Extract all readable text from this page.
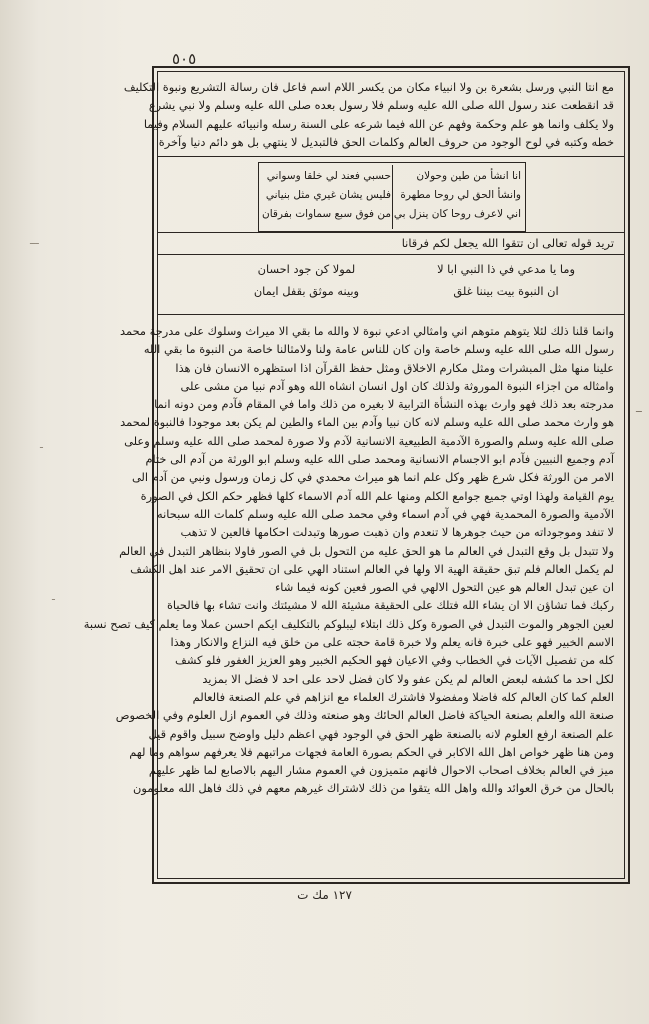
٥٠٥
ـــ
ـ
ـ
ــ
مع انتا النبي ورسل بشعرة بن ولا انبياء مكان من يكسر اللام اسم فاعل فان رسالة التشريع ونبوة التكليف
قد انقطعت عند رسول الله صلى الله عليه وسلم فلا رسول بعده صلى الله عليه وسلم ولا نبي يشرع
ولا يكلف وانما هو علم وحكمة وفهم عن الله فيما شرعه على السنة رسله وانبيائه عليهم السلام وفيما
خطه وكتبه في لوح الوجود من حروف العالم وكلمات الحق فالتبديل لا ينتهي بل هو دائم دنيا وآخرة
انا انشأ من طين وحولان
وانشأ الحق لي روحا مطهرة
اني لاعرف روحا كان ينزل بي
حسبي فعند لي خلقا وسواني
فليس يشان غيري مثل بنياني
من فوق سبع سماوات بفرقان
تريد قوله تعالى ان تتقوا الله يجعل لكم فرقانا
وما يا مدعي في ذا النبي ابا لا لمولا كن جود احسان
ان النبوة بيت بيننا غلق وبينه موثق بقفل ايمان
وانما قلنا ذلك لئلا يتوهم متوهم اني وامثالي ادعي نبوة لا والله ما بقي الا ميراث وسلوك على مدرجة محمد
رسول الله صلى الله عليه وسلم خاصة وان كان للناس عامة ولنا ولامثالنا خاصة من النبوة ما بقي الله
علينا منها مثل المبشرات ومثل مكارم الاخلاق ومثل حفظ القرآن اذا استظهره الانسان فان هذا
وامثاله من اجزاء النبوة الموروثة ولذلك كان اول انسان انشاه الله وهو آدم نبيا من مشى على
مدرجته بعد ذلك فهو وارث بهذه النشأة الترابية لا بغيره من ذلك واما في المقام فآدم ومن دونه انما
هو وارث محمد صلى الله عليه وسلم لانه كان نبيا وآدم بين الماء والطين لم يكن بعد موجودا فالنبوة لمحمد
صلى الله عليه وسلم والصورة الآدمية الطبيعية الانسانية لآدم ولا صورة لمحمد صلى الله عليه وسلم وعلى
آدم وجميع النبيين فآدم ابو الاجسام الانسانية ومحمد صلى الله عليه وسلم ابو الورثة من آدم الى ختام
الامر من الورثة فكل شرع ظهر وكل علم انما هو ميراث محمدي في كل زمان ورسول ونبي من آدم الى
يوم القيامة ولهذا اوتي جميع جوامع الكلم ومنها علم الله آدم الاسماء كلها فظهر حكم الكل في الصورة
الآدمية والصورة المحمدية فهي في آدم اسماء وفي محمد صلى الله عليه وسلم كلمات الله سبحانه
لا تنفد وموجوداته من حيث جوهرها لا تنعدم وان ذهبت صورها وتبدلت احكامها فالعين لا تذهب
ولا تتبدل بل وقع التبدل في العالم ما هو الحق عليه من التحول بل في الصور فاولا بنظاهر التبدل في العالم
لم يكمل العالم فلم تبق حقيقة الهية الا ولها في العالم استناد الهي على ان تحقيق الامر عند اهل الكشف
ان عين تبدل العالم هو عين التحول الالهي في الصور فعين كونه فيما شاء
ركبك فما تشاؤن الا ان يشاء الله فتلك على الحقيقة مشيئة الله لا مشيئتك وانت تشاء بها فالحياة
لعين الجوهر والموت التبدل في الصورة وكل ذلك ابتلاء ليبلوكم بالتكليف ايكم احسن عملا وما يعلم كيف تصح نسبة
الاسم الخبير فهو على خبرة فانه يعلم ولا خبرة قامة حجته على من خلق فيه النزاع والانكار وهذا
كله من تفصيل الآيات في الخطاب وفي الاعيان فهو الحكيم الخبير وهو العزيز الغفور فلو كشف
لكل احد ما كشفه لبعض العالم لم يكن عفو ولا كان فضل لاحد على احد لا فضل الا بمزيد
العلم كما كان العالم كله فاضلا ومفضولا فاشترك العلماء مع انزاهم في علم الصنعة فالعالم
صنعة الله والعلم بصنعة الحياكة فاضل العالم الحائك وهو صنعته وذلك في العموم ازل العلوم وفي الخصوص
علم الصنعة ارفع العلوم لانه بالصنعة ظهر الحق في الوجود فهي اعظم دليل واوضح سبيل واقوم قيل
ومن هنا ظهر خواص اهل الله الاكابر في الحكم بصورة العامة فجهات مراتبهم فلا يعرفهم سواهم وما لهم
ميز في العالم بخلاف اصحاب الاحوال فانهم متميزون في العموم مشار اليهم بالاصابع لما ظهر عليهم
بالحال من خرق العوائد والله واهل الله يتقوا من ذلك لاشتراك غيرهم معهم في ذلك فاهل الله معلومون
١٢٧ مك ت
